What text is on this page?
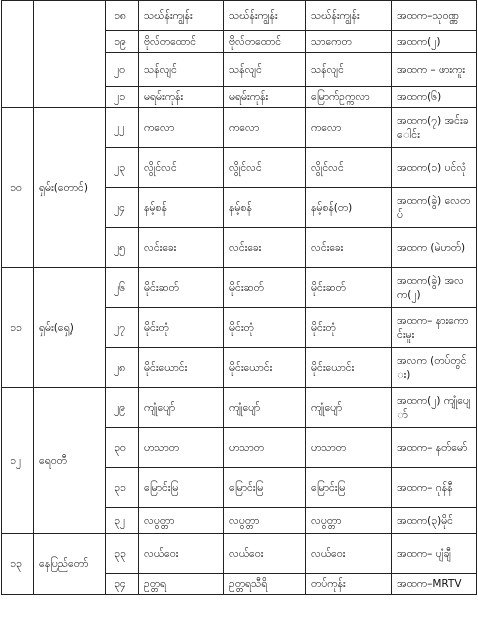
		၁၈	သဃ်န်းကျွန်း	သဃ်န်းကျွန်း	သဃ်န်းကျွန်း	အထက–သုဝဏ္ဏ
		၁၉	ဗိုလ်တထောင်	ဗိုလ်တထောင်	သာကေတ	အထက(၂)
		၂၀	သန်လျင်	သန်လျင်	သန်လျင်	အထက – ဖားကူး
		၂၁	မရမ်းကုန်း	မရမ်းကုန်း	မြောက်ဥက္ကလာ	အထက(၆)
၁၀	ရှမ်း(တောင်)	၂၂	ကလော	ကလော	ကလော	အထက(၇) အင်းခေါင်း
		၂၃	လွိုင်လင်	လွိုင်လင်	လွိုင်လင်	အထက(၁) ပင်လုံ
		၂၄	နမ့်စန်	နမ့်စန်	နမ့်စန်(တ)	အထက(ခွဲ) လေတပ်
		၂၅	လင်းခေး	လင်းခေး	လင်းခေး	အထက (မဲဟတ်)
၁၁	ရှမ်း(ရှေ့)	၂၆	မိုင်းဆတ်	မိုင်းဆတ်	မိုင်းဆတ်	အထက(ခွဲ) အလက(၂)
		၂၇	မိုင်းတုံ	မိုင်းတုံ	မိုင်းတုံ	အထက– နားကောင်းမူး
		၂၈	မိုင်းယောင်း	မိုင်းယောင်း	မိုင်းယောင်း	အလက (တပ်တွင်း)
၁၂	ရေဝတီ	၂၉	ကျုံပျော်	ကျုံပျော်	ကျုံပျော်	အထက(၂) ကျုံပျော်
		၃၀	ဟသာတ	ဟသာတ	ဟသာတ	အထက– နတ်မော်
		၃၁	မြောင်းမြ	မြောင်းမြ	မြောင်းမြ	အထက– ဂုန်နီ
		၃၂	လပွတ္တာ	လပွတ္တာ	လပွတ္တာ	အထက(၃)မိုင်
၁၃	နေပြည်တော်	၃၃	လယ်ဝေး	လယ်ဝေး	လယ်ဝေး	အထက– ပျံချီ
		၃၄	ဥတ္တရ	ဥတ္တရသီရိ	တပ်ကုန်း	အထက–MRTV
